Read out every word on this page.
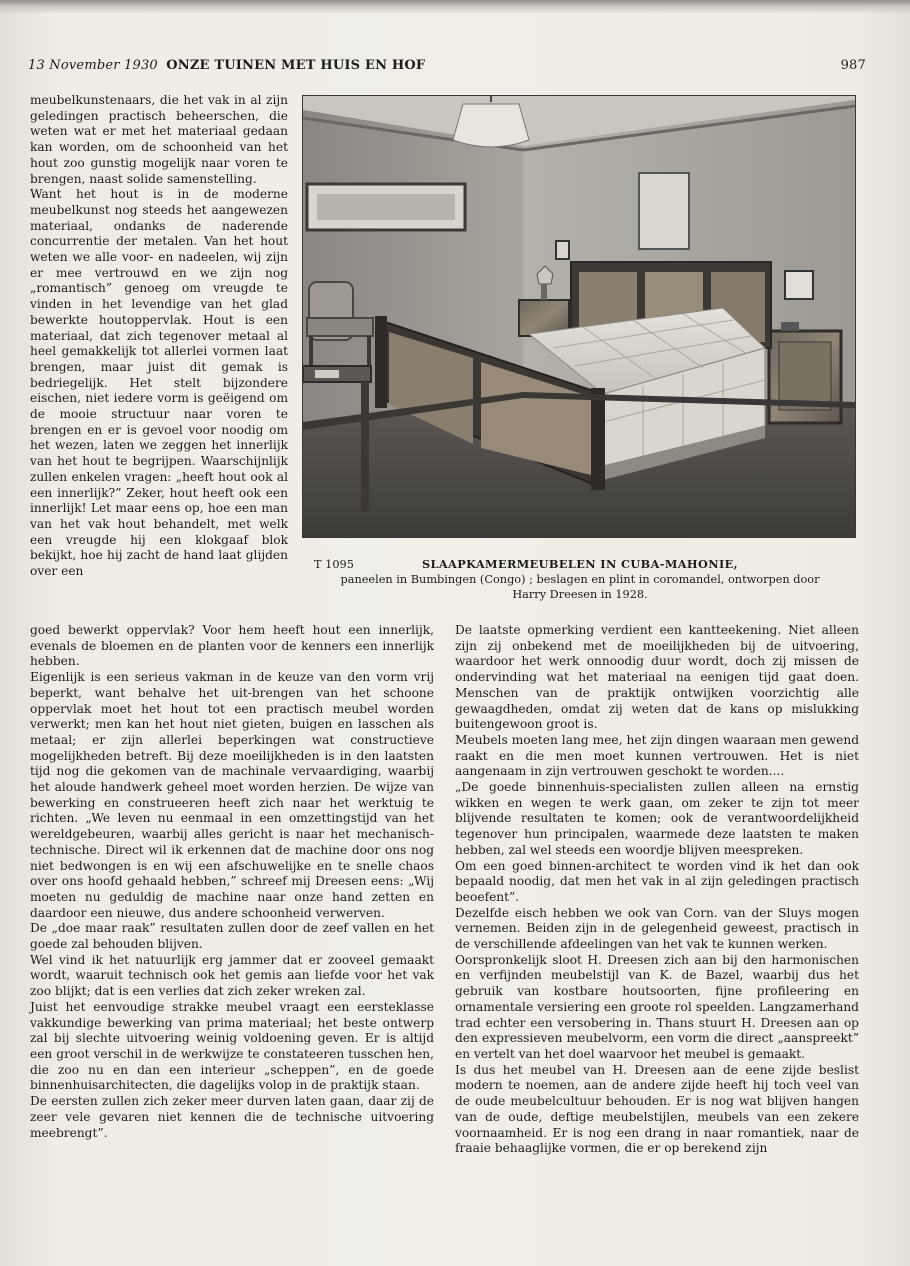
13 November 1930 ONZE TUINEN MET HUIS EN HOF	987

meubelkunstenaars, die het vak in al zijn geledingen practisch beheerschen, die weten wat er met het materiaal gedaan kan worden, om de schoonheid van het hout zoo gunstig mogelijk naar voren te brengen, naast solide samenstelling.

Want het hout is in de moderne meubelkunst nog steeds het aangewezen materiaal, ondanks de naderende concurrentie der metalen. Van het hout weten we alle voor- en nadeelen, wij zijn er mee vertrouwd en we zijn nog „romantisch” genoeg om vreugde te vinden in het levendige van het glad bewerkte houtoppervlak. Hout is een materiaal, dat zich tegenover metaal al heel gemakkelijk tot allerlei vormen laat brengen, maar juist dit gemak is bedriegelijk. Het stelt bijzondere eischen, niet iedere vorm is geëigend om de mooie structuur naar voren te brengen en er is gevoel voor noodig om het wezen, laten we zeggen het innerlijk van het hout te begrijpen. Waarschijnlijk zullen enkelen vragen: „heeft hout ook al een innerlijk?” Zeker, hout heeft ook een innerlijk! Let maar eens op, hoe een man van het vak hout behandelt, met welk een vreugde hij een klokgaaf blok bekijkt, hoe hij zacht de hand laat glijden over een	T 1095	SLAAPKAMERMEUBELEN IN CUBA-MAHONIE,
paneelen in Bumbingen (Congo) ; beslagen en plint in coromandel, ontworpen door Harry Dreesen in 1928.

goed bewerkt oppervlak? Voor hem heeft hout een innerlijk, evenals de bloemen en de planten voor de kenners een innerlijk hebben.

Eigenlijk is een serieus vakman in de keuze van den vorm vrij beperkt, want behalve het uit-brengen van het schoone oppervlak moet het hout tot een practisch meubel worden verwerkt; men kan het hout niet gieten, buigen en lasschen als metaal; er zijn allerlei beperkingen wat constructieve mogelijkheden betreft. Bij deze moeilijkheden is in den laatsten tijd nog die gekomen van de machinale vervaardiging, waarbij het aloude handwerk geheel moet worden herzien. De wijze van bewerking en construeeren heeft zich naar het werktuig te richten. „We leven nu eenmaal in een omzettingstijd van het wereldgebeuren, waarbij alles gericht is naar het mechanisch-technische. Direct wil ik erkennen dat de machine door ons nog niet bedwongen is en wij een afschuwelijke en te snelle chaos over ons hoofd gehaald hebben,” schreef mij Dreesen eens: „Wij moeten nu geduldig de machine naar onze hand zetten en daardoor een nieuwe, dus andere schoonheid verwerven.

De „doe maar raak” resultaten zullen door de zeef vallen en het goede zal behouden blijven.

Wel vind ik het natuurlijk erg jammer dat er zooveel gemaakt wordt, waaruit technisch ook het gemis aan liefde voor het vak zoo blijkt; dat is een verlies dat zich zeker wreken zal.

Juist het eenvoudige strakke meubel vraagt een eersteklasse vakkundige bewerking van prima materiaal; het beste ontwerp zal bij slechte uitvoering weinig voldoening geven. Er is altijd een groot verschil in de werkwijze te constateeren tusschen hen, die zoo nu en dan een interieur „scheppen”, en de goede binnenhuisarchitecten, die dagelijks volop in de praktijk staan.

De eersten zullen zich zeker meer durven laten gaan, daar zij de zeer vele gevaren niet kennen die de technische uitvoering meebrengt”.

De laatste opmerking verdient een kantteekening. Niet alleen zijn zij onbekend met de moeilijkheden bij de uitvoering, waardoor het werk onnoodig duur wordt, doch zij missen de ondervinding wat het materiaal na eenigen tijd gaat doen. Menschen van de praktijk ontwijken voorzichtig alle gewaagdheden, omdat zij weten dat de kans op mislukking buitengewoon groot is.

Meubels moeten lang mee, het zijn dingen waaraan men gewend raakt en die men moet kunnen vertrouwen. Het is niet aangenaam in zijn vertrouwen geschokt te worden....

„De goede binnenhuis-specialisten zullen alleen na ernstig wikken en wegen te werk gaan, om zeker te zijn tot meer blijvende resultaten te komen; ook de verantwoordelijkheid tegenover hun principalen, waarmede deze laatsten te maken hebben, zal wel steeds een woordje blijven meespreken.

Om een goed binnen-architect te worden vind ik het dan ook bepaald noodig, dat men het vak in al zijn geledingen practisch beoefent”.

Dezelfde eisch hebben we ook van Corn. van der Sluys mogen vernemen. Beiden zijn in de gelegenheid geweest, practisch in de verschillende afdeelingen van het vak te kunnen werken.

Oorspronkelijk sloot H. Dreesen zich aan bij den harmonischen en verfijnden meubelstijl van K. de Bazel, waarbij dus het gebruik van kostbare houtsoorten, fijne profileering en ornamentale versiering een groote rol speelden. Langzamerhand trad echter een versobering in. Thans stuurt H. Dreesen aan op den expressieven meubelvorm, een vorm die direct „aanspreekt” en vertelt van het doel waarvoor het meubel is gemaakt.

Is dus het meubel van H. Dreesen aan de eene zijde beslist modern te noemen, aan de andere zijde heeft hij toch veel van de oude meubelcultuur behouden. Er is nog wat blijven hangen van de oude, deftige meubelstijlen, meubels van een zekere voornaamheid. Er is nog een drang in naar romantiek, naar de fraaie behaaglijke vormen, die er op berekend zijn
